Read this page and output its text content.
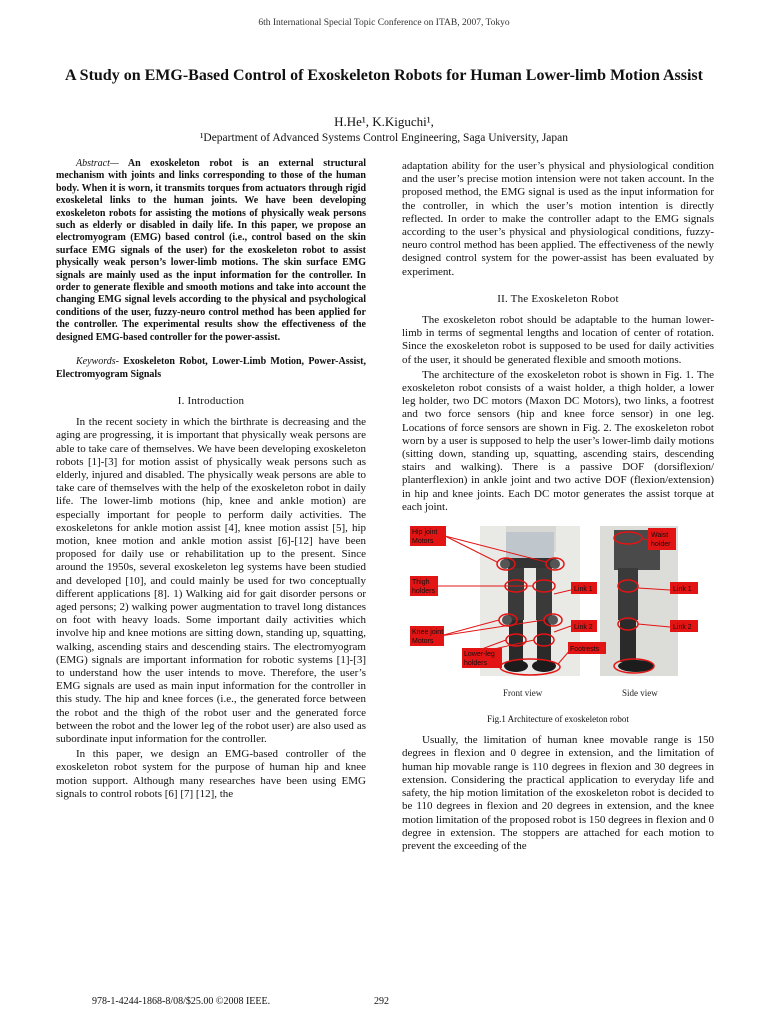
6th International Special Topic Conference on ITAB, 2007, Tokyo
A Study on EMG-Based Control of Exoskeleton Robots for Human Lower-limb Motion Assist
H.He¹, K.Kiguchi¹,
¹Department of Advanced Systems Control Engineering, Saga University, Japan

Abstract— An exoskeleton robot is an external structural mechanism with joints and links corresponding to those of the human body. When it is worn, it transmits torques from actuators through rigid exoskeletal links to the human joints. We have been developing exoskeleton robots for assisting the motions of physically weak persons such as elderly or disabled in daily life. In this paper, we propose an electromyogram (EMG) based control (i.e., control based on the skin surface EMG signals of the user) for the exoskeleton robot to assist physically weak person’s lower-limb motions. The skin surface EMG signals are mainly used as the input information for the controller. In order to generate flexible and smooth motions and take into account the changing EMG signal levels according to the physical and psychological conditions of the user, fuzzy-neuro control method has been applied for the controller. The experimental results show the effectiveness of the designed EMG-based controller for the power-assist.

Keywords- Exoskeleton Robot, Lower-Limb Motion, Power-Assist, Electromyogram Signals

I. Introduction

In the recent society in which the birthrate is decreasing and the aging are progressing, it is important that physically weak persons are able to take care of themselves. We have been developing exoskeleton robots [1]-[3] for motion assist of physically weak persons such as elderly, injured and disabled. The physically weak persons are able to take care of themselves with the help of the exoskeleton robot in daily life. The lower-limb motions (hip, knee and ankle motion) are especially important for people to perform daily activities. The exoskeletons for ankle motion assist [4], knee motion assist [5], hip motion, knee motion and ankle motion assist [6]-[12] have been proposed for daily use or rehabilitation up to the present. Since around the 1950s, several exoskeleton leg systems have been studied and developed [10], and could mainly be used for two conceptually different applications [8]. 1) Walking aid for gait disorder persons or aged persons; 2) walking power augmentation to travel long distances on foot with heavy loads. Some important daily activities which involve hip and knee motions are sitting down, standing up, squatting, walking, ascending stairs and descending stairs. The electromyogram (EMG) signals are important information for robotic systems [1]-[3] to understand how the user intends to move. Therefore, the user’s EMG signals are used as main input information for the controller in this study. The hip and knee forces (i.e., the generated force between the robot and the thigh of the robot user and the generated force between the robot and the lower leg of the robot user) are also used as subordinate input information for the controller.

In this paper, we design an EMG-based controller of the exoskeleton robot system for the purpose of human hip and knee motion support. Although many researches have been using EMG signals to control robots [6] [7] [12], the

adaptation ability for the user’s physical and physiological condition and the user’s precise motion intension were not taken account. In the proposed method, the EMG signal is used as the input information for the controller, in which the user’s motion intention is directly reflected. In order to make the controller adapt to the EMG signals according to the user’s physical and physiological conditions, fuzzy-neuro control method has been applied. The effectiveness of the newly designed control system for the power-assist has been evaluated by experiment.

II. The Exoskeleton Robot

The exoskeleton robot should be adaptable to the human lower-limb in terms of segmental lengths and location of center of rotation. Since the exoskeleton robot is supposed to be used for daily activities of the user, it should be generated flexible and smooth motions.

The architecture of the exoskeleton robot is shown in Fig. 1. The exoskeleton robot consists of a waist holder, a thigh holder, a lower leg holder, two DC motors (Maxon DC Motors), two links, a footrest and two force sensors (hip and knee force sensor) in one leg. Locations of force sensors are shown in Fig. 2. The exoskeleton robot worn by a user is supposed to help the user’s lower-limb daily motions (sitting down, standing up, squatting, ascending stairs, descending stairs and walking). There is a passive DOF (dorsiflexion/ planterflexion) in ankle joint and two active DOF (flexion/extension) in hip and knee joints. Each DC motor generates the assist torque at each joint.

Hip joint
Motors
Thigh
holders
Knee joint
Motors
Lower-leg
holders
Link 1
Link 2
Footrests
Waist
holder
Link 1
Link 2
Front view	Side view

Fig.1 Architecture of exoskeleton robot

Usually, the limitation of human knee movable range is 150 degrees in flexion and 0 degree in extension, and the limitation of human hip movable range is 110 degrees in flexion and 30 degrees in extension. Considering the practical application to everyday life and safety, the hip motion limitation of the exoskeleton robot is decided to be 110 degrees in flexion and 20 degrees in extension, and the knee motion limitation of the proposed robot is 150 degrees in flexion and 0 degree in extension. The stoppers are attached for each motion to prevent the exceeding of the

978-1-4244-1868-8/08/$25.00 ©2008 IEEE.	292
